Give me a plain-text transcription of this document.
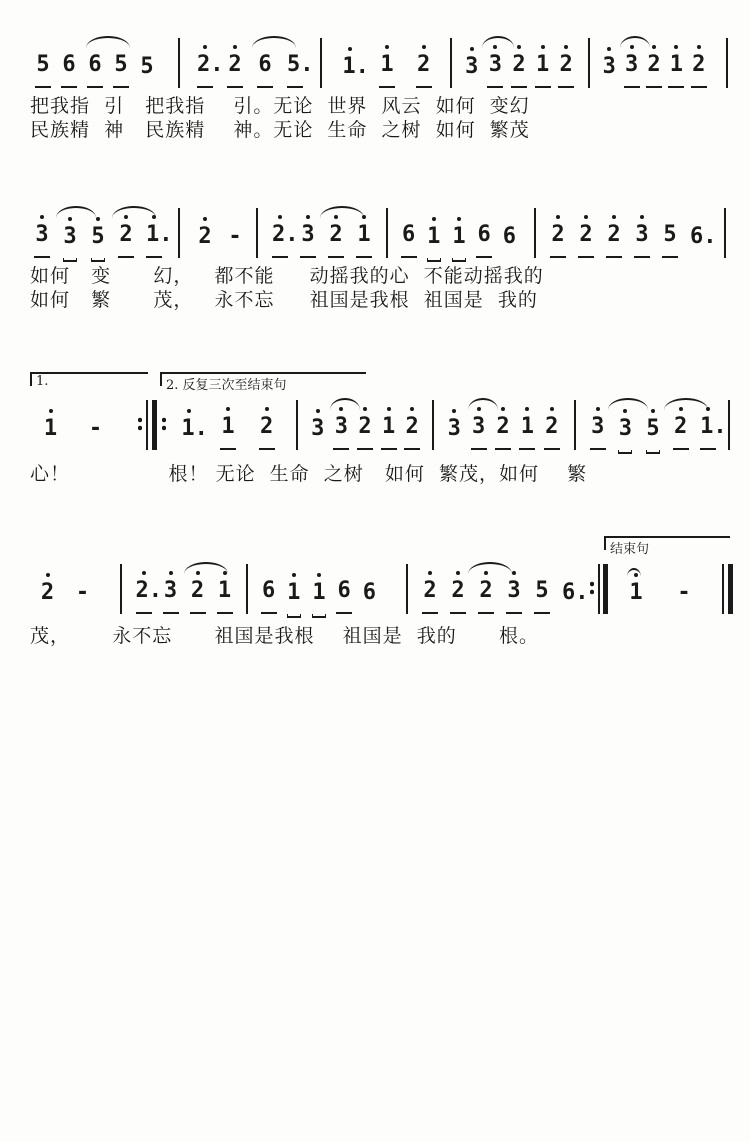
5 6 6 5 5 2. 2 6 5. 1. 1 2 3 3 2 1 2 3 3 2 1 2
把我指  引   把我指    引。无论  世界  风云  如何  变幻
民族精  神   民族精    神。无论  生命  之树  如何  繁茂
3 3 5 2 1. 2 - 2. 3 2 1 6 1 1 6 6 2 2 2 3 5 6.
如何   变      幻，   都不能     动摇我的心  不能动摇我的
如何   繁      茂，   永不忘     祖国是我根  祖国是  我的
1.	2. 反复三次至结束句
1 -	1. 1 2 3 3 2 1 2 3 3 2 1 2 3 3 5 2 1.
心！              根！ 无论  生命  之树   如何  繁茂，如何    繁
结束句
2 - 2. 3 2 1 6 1 1 6 6 2 2 2 3 5 6. 1 -
茂，      永不忘      祖国是我根    祖国是  我的      根。
